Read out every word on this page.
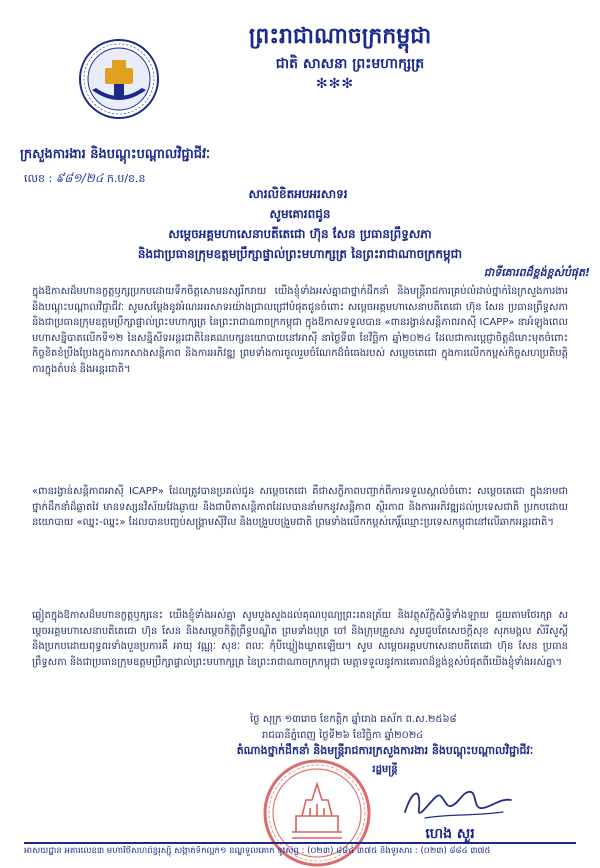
ព្រះរាជាណាចក្រកម្ពុជា
ជាតិ សាសនា ព្រះមហាក្សត្រ
✻✻✻
ក្រសួងការងារ និងបណ្តុះបណ្តាលវិជ្ជាជីវៈ
លេខ : ៩៨១/២៤ ក.ប/ខ.ន
សារលិខិតអបអរសាទរ
សូមគោរពជូន
សម្តេចអគ្គមហាសេនាបតីតេជោ ហ៊ុន សែន ប្រធានព្រឹទ្ធសភា
និងជាប្រធានក្រុមឧត្តមប្រឹក្សាផ្ទាល់ព្រះមហាក្សត្រ នៃព្រះរាជាណាចក្រកម្ពុជា
ជាទីគោរពដ៏ខ្ពង់ខ្ពស់បំផុត!
ក្នុងឱកាសដ៏មហានក្ខត្តឫក្សប្រកបដោយទឹកចិត្តសោមនស្សរីករាយ យើងខ្ញុំទាំងអស់គ្នាជាថ្នាក់ដឹកនាំ និងមន្ត្រីរាជការគ្រប់លំដាប់ថ្នាក់នៃក្រសួងការងារ និងបណ្តុះបណ្តាលវិជ្ជាជីវៈ សូមសម្តែងនូវអំណរអរសាទរយ៉ាងជ្រាលជ្រៅបំផុតជូនចំពោះ សម្តេចអគ្គមហាសេនាបតីតេជោ ហ៊ុន សែន ប្រធានព្រឹទ្ធសភា និងជាប្រធានក្រុមឧត្តមប្រឹក្សាផ្ទាល់ព្រះមហាក្សត្រ នៃព្រះរាជាណាចក្រកម្ពុជា ក្នុងឱកាសទទួលបាន «ពានរង្វាន់សន្តិភាពអាស៊ី ICAPP» នាអំឡុងពេលមហាសន្និបាតលើកទី១២ នៃសន្និសីទអន្តរជាតិនៃគណបក្សនយោបាយនៅអាស៊ី នាថ្ងៃទី៣ ខែវិច្ឆិកា ឆ្នាំ២០២៤ ដែលជាការប្តេជ្ញាចិត្តដ៏មោះមុតចំពោះកិច្ចខិតខំប្រឹងប្រែងក្នុងការកសាងសន្តិភាព និងការអភិវឌ្ឍ ព្រមទាំងការចូលរួមចំណែកដ៏ធំធេងរបស់ សម្តេចតេជោ ក្នុងការលើកកម្ពស់កិច្ចសហប្រតិបត្តិការក្នុងតំបន់ និងអន្តរជាតិ។
«ពានរង្វាន់សន្តិភាពអាស៊ី ICAPP» ដែលត្រូវបានប្រគល់ជូន សម្តេចតេជោ គឺជាសក្ខីភាពបញ្ជាក់ពីការទទួលស្គាល់ចំពោះ សម្តេចតេជោ ក្នុងនាមជាថ្នាក់ដឹកនាំដ៏ឆ្លាតវៃ មានទស្សនវិស័យវែងឆ្ងាយ និងជាបិតាសន្តិភាពដែលបាននាំមកនូវសន្តិភាព ស្ថិរភាព និងការអភិវឌ្ឍដល់ប្រទេសជាតិ ប្រកបដោយនយោបាយ «ឈ្នះ-ឈ្នះ» ដែលបានបញ្ចប់សង្គ្រាមស៊ីវិល និងបង្រួបបង្រួមជាតិ ព្រមទាំងលើកកម្ពស់កេរ្តិ៍ឈ្មោះប្រទេសកម្ពុជានៅលើឆាកអន្តរជាតិ។
ឆ្លៀតក្នុងឱកាសដ៏មហានក្ខត្តឫក្សនេះ យើងខ្ញុំទាំងអស់គ្នា សូមបួងសួងដល់គុណបុណ្យព្រះរតនត្រ័យ និងវត្ថុស័ក្តិសិទ្ធិទាំងឡាយ ជួយតាមថែរក្សា សម្តេចអគ្គមហាសេនាបតីតេជោ ហ៊ុន សែន និងសម្តេចកិត្តិព្រឹទ្ធបណ្ឌិត ព្រមទាំងបុត្រ ចៅ និងក្រុមគ្រួសារ សូមជួបតែសេចក្តីសុខ សុភមង្គល សិរីសួស្តី និងប្រកបដោយពុទ្ធពរទាំងបួនប្រការគឺ អាយុ វណ្ណៈ សុខៈ ពលៈ កុំបីឃ្លៀងឃ្លាតឡើយ។ សូម សម្តេចអគ្គមហាសេនាបតីតេជោ ហ៊ុន សែន ប្រធានព្រឹទ្ធសភា និងជាប្រធានក្រុមឧត្តមប្រឹក្សាផ្ទាល់ព្រះមហាក្សត្រ នៃព្រះរាជាណាចក្រកម្ពុជា មេត្តាទទួលនូវការគោរពដ៏ខ្ពង់ខ្ពស់បំផុតពីយើងខ្ញុំទាំងអស់គ្នា។
ថ្ងៃ សុក្រ ១៣រោច ខែកត្តិក ឆ្នាំរោង ឆស័ក ព.ស.២៥៦៨
រាជធានីភ្នំពេញ ថ្ងៃទី២៦ ខែវិច្ឆិកា ឆ្នាំ២០២៤
តំណាងថ្នាក់ដឹកនាំ និងមន្ត្រីរាជការក្រសួងការងារ និងបណ្តុះបណ្តាលវិជ្ជាជីវៈ
រដ្ឋមន្ត្រី
ហេង សួរ
អាសយដ្ឋាន អគារលេខ៣ មហាវិថីសហព័ន្ធរុស្ស៊ី សង្កាត់ទឹកល្អក់១ ខណ្ឌទួលគោក ទូរស័ព្ទ : (០២៣) ៨៨៤ ៣៧៥ និងទូរសារ : (០២៣) ៨៨៤ ៣៧៥
